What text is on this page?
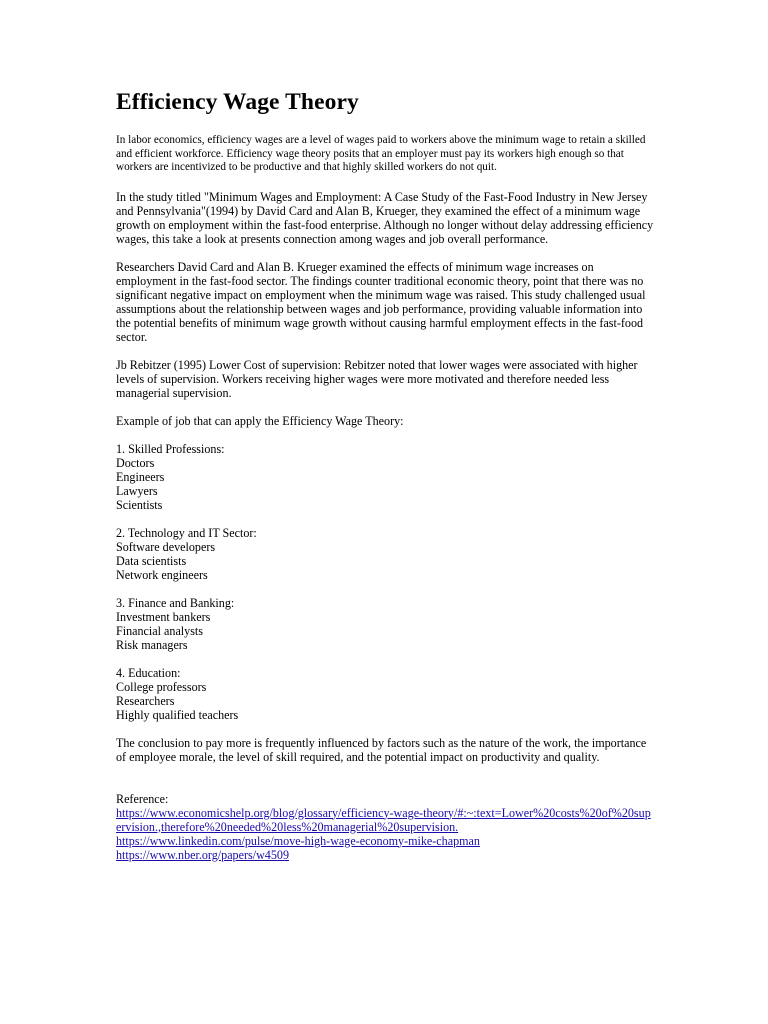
Efficiency Wage Theory

In labor economics, efficiency wages are a level of wages paid to workers above the minimum wage to retain a skilled and efficient workforce. Efficiency wage theory posits that an employer must pay its workers high enough so that workers are incentivized to be productive and that highly skilled workers do not quit.

In the study titled "Minimum Wages and Employment: A Case Study of the Fast-Food Industry in New Jersey and Pennsylvania"(1994) by David Card and Alan B, Krueger, they examined the effect of a minimum wage growth on employment within the fast-food enterprise. Although no longer without delay addressing efficiency wages, this take a look at presents connection among wages and job overall performance.

Researchers David Card and Alan B. Krueger examined the effects of minimum wage increases on employment in the fast-food sector. The findings counter traditional economic theory, point that there was no significant negative impact on employment when the minimum wage was raised. This study challenged usual assumptions about the relationship between wages and job performance, providing valuable information into the potential benefits of minimum wage growth without causing harmful employment effects in the fast-food sector.

Jb Rebitzer (1995) Lower Cost of supervision: Rebitzer noted that lower wages were associated with higher levels of supervision. Workers receiving higher wages were more motivated and therefore needed less managerial supervision.

Example of job that can apply the Efficiency Wage Theory:

1. Skilled Professions:
Doctors
Engineers
Lawyers
Scientists
2. Technology and IT Sector:
Software developers
Data scientists
Network engineers
3. Finance and Banking:
Investment bankers
Financial analysts
Risk managers
4. Education:
College professors
Researchers
Highly qualified teachers

The conclusion to pay more is frequently influenced by factors such as the nature of the work, the importance of employee morale, the level of skill required, and the potential impact on productivity and quality.

Reference:
https://www.economicshelp.org/blog/glossary/efficiency-wage-theory/#:~:text=Lower%20costs%20of%20supervision.,therefore%20needed%20less%20managerial%20supervision.
https://www.linkedin.com/pulse/move-high-wage-economy-mike-chapman
https://www.nber.org/papers/w4509
